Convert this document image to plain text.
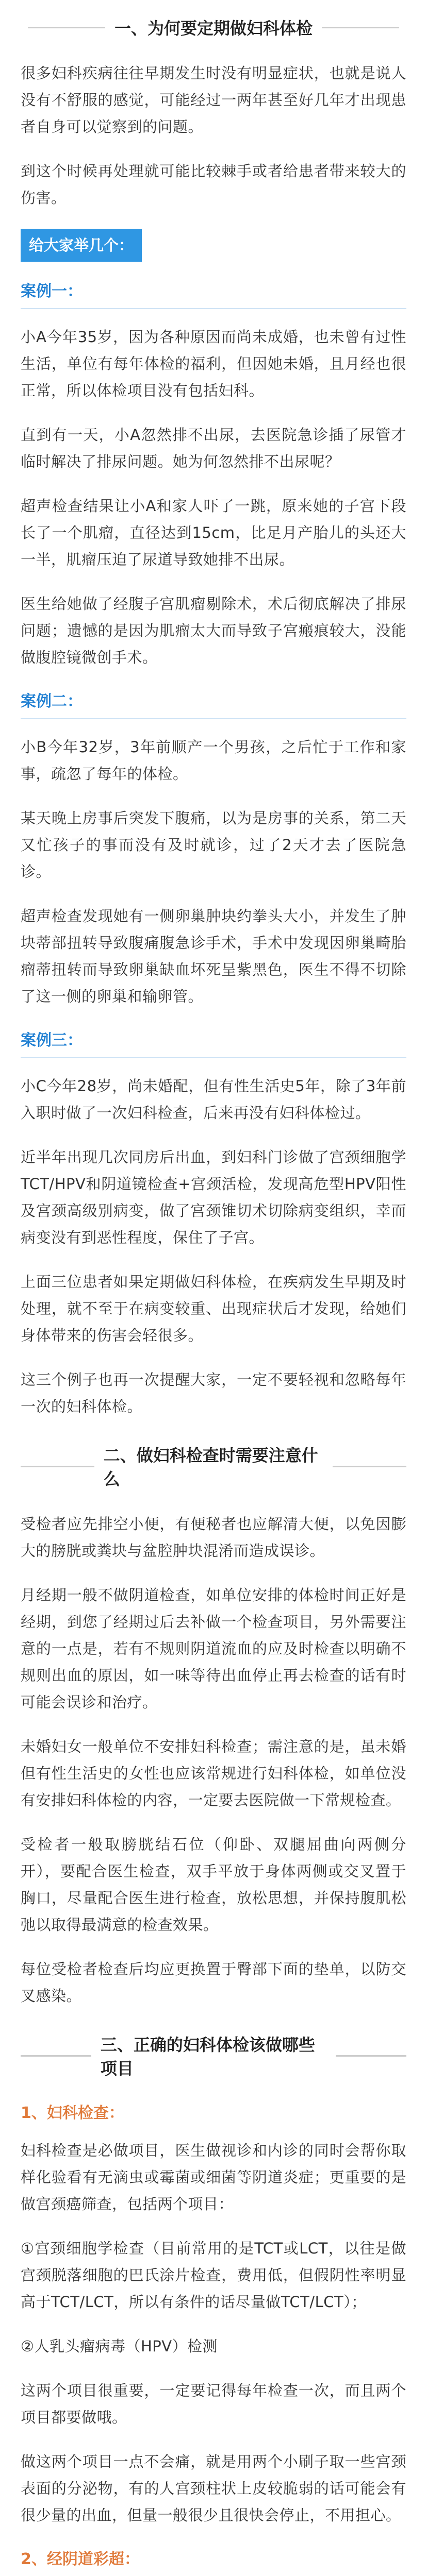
一、为何要定期做妇科体检

很多妇科疾病往往早期发生时没有明显症状，也就是说人没有不舒服的感觉，可能经过一两年甚至好几年才出现患者自身可以觉察到的问题。

到这个时候再处理就可能比较棘手或者给患者带来较大的伤害。

给大家举几个：
案例一：

小A今年35岁，因为各种原因而尚未成婚，也未曾有过性生活，单位有每年体检的福利，但因她未婚，且月经也很正常，所以体检项目没有包括妇科。

直到有一天，小A忽然排不出尿，去医院急诊插了尿管才临时解决了排尿问题。她为何忽然排不出尿呢？

超声检查结果让小A和家人吓了一跳，原来她的子宫下段长了一个肌瘤，直径达到15cm，比足月产胎儿的头还大一半，肌瘤压迫了尿道导致她排不出尿。

医生给她做了经腹子宫肌瘤剔除术，术后彻底解决了排尿问题；遗憾的是因为肌瘤太大而导致子宫瘢痕较大，没能做腹腔镜微创手术。

案例二：

小B今年32岁，3年前顺产一个男孩，之后忙于工作和家事，疏忽了每年的体检。

某天晚上房事后突发下腹痛，以为是房事的关系，第二天又忙孩子的事而没有及时就诊，过了2天才去了医院急诊。

超声检查发现她有一侧卵巢肿块约拳头大小，并发生了肿块蒂部扭转导致腹痛腹急诊手术，手术中发现因卵巢畸胎瘤蒂扭转而导致卵巢缺血坏死呈紫黑色，医生不得不切除了这一侧的卵巢和输卵管。

案例三：

小C今年28岁，尚未婚配，但有性生活史5年，除了3年前入职时做了一次妇科检查，后来再没有妇科体检过。

近半年出现几次同房后出血，到妇科门诊做了宫颈细胞学TCT/HPV和阴道镜检查+宫颈活检，发现高危型HPV阳性及宫颈高级别病变，做了宫颈锥切术切除病变组织，幸而病变没有到恶性程度，保住了子宫。

上面三位患者如果定期做妇科体检，在疾病发生早期及时处理，就不至于在病变较重、出现症状后才发现，给她们身体带来的伤害会轻很多。

这三个例子也再一次提醒大家，一定不要轻视和忽略每年一次的妇科体检。

二、做妇科检查时需要注意什么

受检者应先排空小便，有便秘者也应解清大便，以免因膨大的膀胱或粪块与盆腔肿块混淆而造成误诊。

月经期一般不做阴道检查，如单位安排的体检时间正好是经期，到您了经期过后去补做一个检查项目，另外需要注意的一点是，若有不规则阴道流血的应及时检查以明确不规则出血的原因，如一味等待出血停止再去检查的话有时可能会误诊和治疗。

未婚妇女一般单位不安排妇科检查；需注意的是，虽未婚但有性生活史的女性也应该常规进行妇科体检，如单位没有安排妇科体检的内容，一定要去医院做一下常规检查。

受检者一般取膀胱结石位（仰卧、双腿屈曲向两侧分开），要配合医生检查，双手平放于身体两侧或交叉置于胸口，尽量配合医生进行检查，放松思想，并保持腹肌松弛以取得最满意的检查效果。

每位受检者检查后均应更换置于臀部下面的垫单，以防交叉感染。

三、正确的妇科体检该做哪些项目
1、妇科检查：

妇科检查是必做项目，医生做视诊和内诊的同时会帮你取样化验看有无滴虫或霉菌或细菌等阴道炎症；更重要的是做宫颈癌筛查，包括两个项目：

①宫颈细胞学检查（目前常用的是TCT或LCT，以往是做宫颈脱落细胞的巴氏涂片检查，费用低，但假阴性率明显高于TCT/LCT，所以有条件的话尽量做TCT/LCT）；

②人乳头瘤病毒（HPV）检测

这两个项目很重要，一定要记得每年检查一次，而且两个项目都要做哦。

做这两个项目一点不会痛，就是用两个小刷子取一些宫颈表面的分泌物，有的人宫颈柱状上皮较脆弱的话可能会有很少量的出血，但量一般很少且很快会停止，不用担心。

2、经阴道彩超：
